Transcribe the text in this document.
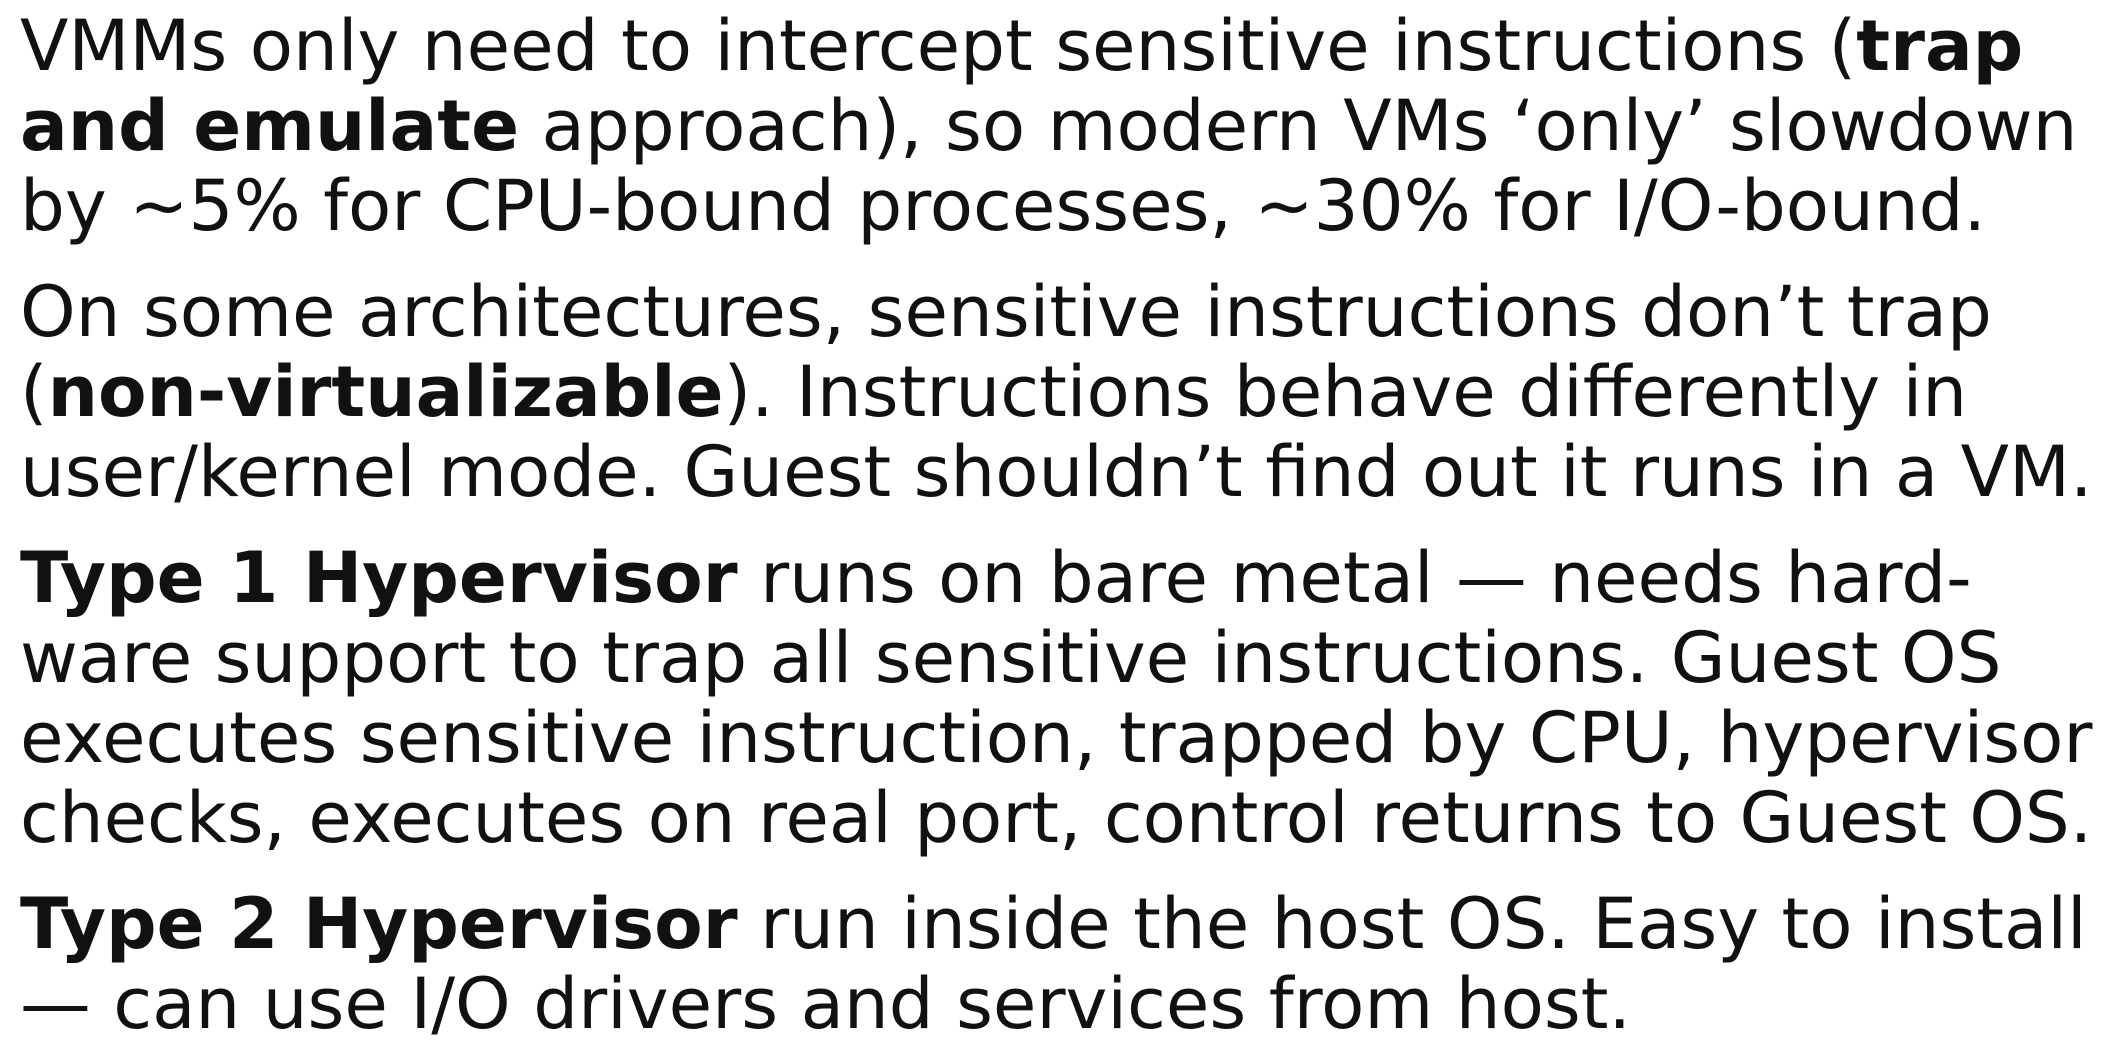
VMMs only need to intercept sensitive instructions (trap
and emulate approach), so modern VMs ‘only’ slowdown
by ~5% for CPU-bound processes, ~30% for I/O-bound.
On some architectures, sensitive instructions don’t trap
(non-virtualizable). Instructions behave differently in
user/kernel mode. Guest shouldn’t find out it runs in a VM.
Type 1 Hypervisor runs on bare metal — needs hard-
ware support to trap all sensitive instructions. Guest OS
executes sensitive instruction, trapped by CPU, hypervisor
checks, executes on real port, control returns to Guest OS.
Type 2 Hypervisor run inside the host OS. Easy to install
— can use I/O drivers and services from host.
